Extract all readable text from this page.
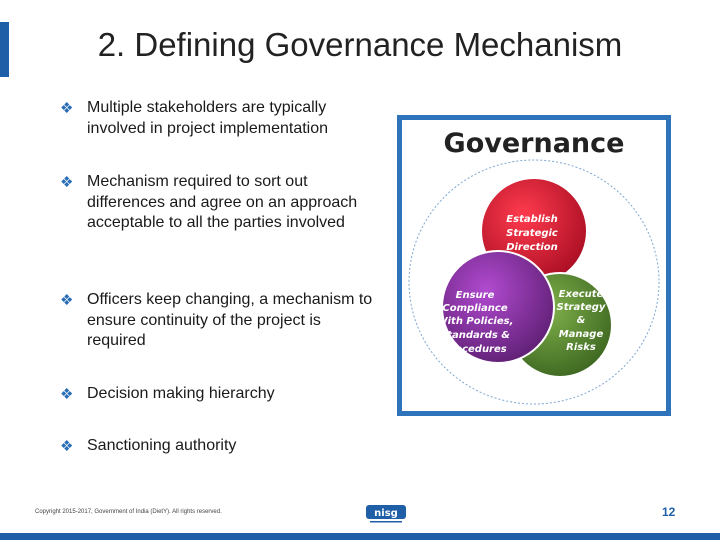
2. Defining Governance Mechanism
❖ Multiple stakeholders are typically involved in project implementation
❖ Mechanism required to sort out differences and agree on an approach acceptable to all the parties involved
❖ Officers keep changing, a mechanism to ensure continuity of the project is required
❖ Decision making hierarchy
❖ Sanctioning authority
Governance
Establish
Strategic
Direction
Ensure
Compliance
With Policies,
Standards &
Procedures
Execute
Strategy
&
Manage
Risks
Copyright 2015-2017, Government of India (DietY). All rights reserved.	nisg	12
